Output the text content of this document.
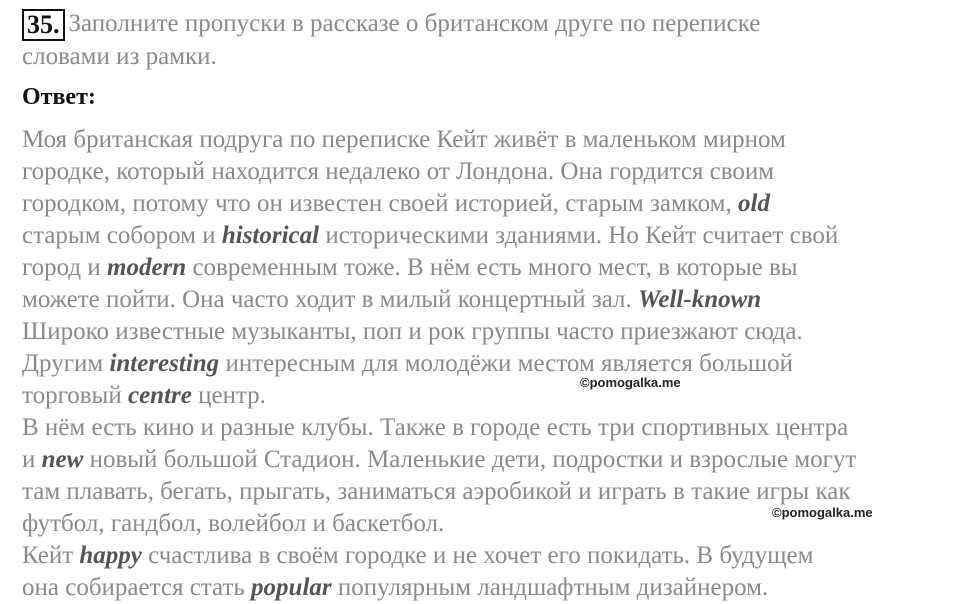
35. Заполните пропуски в рассказе о британском друге по переписке
словами из рамки.
Ответ:
Моя британская подруга по переписке Кейт живёт в маленьком мирном
городке, который находится недалеко от Лондона. Она гордится своим
городком, потому что он известен своей историей, старым замком, old
старым собором и historical историческими зданиями. Но Кейт считает свой
город и modern современным тоже. В нём есть много мест, в которые вы
можете пойти. Она часто ходит в милый концертный зал. Well-known
Широко известные музыканты, поп и рок группы часто приезжают сюда.
Другим interesting интересным для молодёжи местом является большой
торговый centre центр.
В нём есть кино и разные клубы. Также в городе есть три спортивных центра
и new новый большой Стадион. Маленькие дети, подростки и взрослые могут
там плавать, бегать, прыгать, заниматься аэробикой и играть в такие игры как
футбол, гандбол, волейбол и баскетбол.
Кейт happy счастлива в своём городке и не хочет его покидать. В будущем
она собирается стать popular популярным ландшафтным дизайнером.
©pomogalka.me
©pomogalka.me
